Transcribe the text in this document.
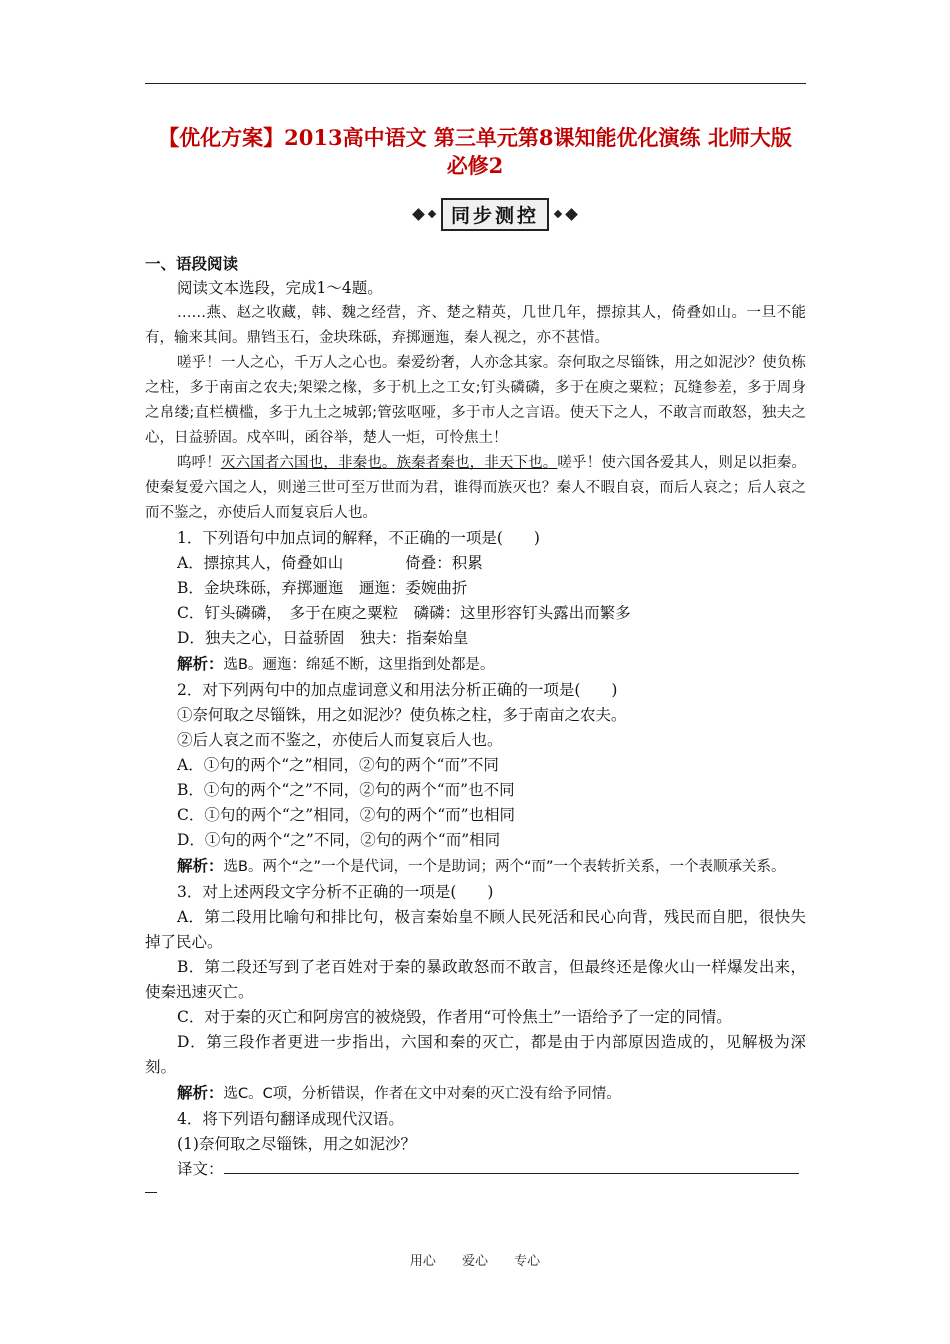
【优化方案】2013高中语文 第三单元第8课知能优化演练 北师大版
必修2
同步测控

一、语段阅读

阅读文本选段，完成1～4题。

……燕、赵之收藏，韩、魏之经营，齐、楚之精英，几世几年，摽掠其人，倚叠如山。一旦不能有，输来其间。鼎铛玉石，金块珠砾，弃掷逦迤，秦人视之，亦不甚惜。

嗟乎！一人之心，千万人之心也。秦爱纷奢，人亦念其家。奈何取之尽锱铢，用之如泥沙？使负栋之柱，多于南亩之农夫;架梁之椽，多于机上之工女;钉头磷磷，多于在庾之粟粒；瓦缝参差，多于周身之帛缕;直栏横槛，多于九土之城郭;管弦呕哑，多于市人之言语。使天下之人，不敢言而敢怒，独夫之心，日益骄固。戍卒叫，函谷举，楚人一炬，可怜焦土！

呜呼！灭六国者六国也，非秦也。族秦者秦也，非天下也。嗟乎！使六国各爱其人，则足以拒秦。使秦复爱六国之人，则递三世可至万世而为君，谁得而族灭也？秦人不暇自哀，而后人哀之；后人哀之而不鉴之，亦使后人而复哀后人也。

1．下列语句中加点词的解释，不正确的一项是(　　)

A．摽掠其人，倚叠如山　　　　倚叠：积累

B．金块珠砾，弃掷逦迤　逦迤：委婉曲折

C．钉头磷磷，　多于在庾之粟粒　磷磷：这里形容钉头露出而繁多

D．独夫之心，日益骄固　独夫：指秦始皇

解析：选B。逦迤：绵延不断，这里指到处都是。

2．对下列两句中的加点虚词意义和用法分析正确的一项是(　　)

①奈何取之尽锱铢，用之如泥沙？使负栋之柱，多于南亩之农夫。

②后人哀之而不鉴之，亦使后人而复哀后人也。

A．①句的两个“之”相同，②句的两个“而”不同

B．①句的两个“之”不同，②句的两个“而”也不同

C．①句的两个“之”相同，②句的两个“而”也相同

D．①句的两个“之”不同，②句的两个“而”相同

解析：选B。两个“之”一个是代词，一个是助词；两个“而”一个表转折关系，一个表顺承关系。

3．对上述两段文字分析不正确的一项是(　　)

A．第二段用比喻句和排比句，极言秦始皇不顾人民死活和民心向背，残民而自肥，很快失掉了民心。

B．第二段还写到了老百姓对于秦的暴政敢怒而不敢言，但最终还是像火山一样爆发出来，使秦迅速灭亡。

C．对于秦的灭亡和阿房宫的被烧毁，作者用“可怜焦土”一语给予了一定的同情。

D．第三段作者更进一步指出，六国和秦的灭亡，都是由于内部原因造成的，见解极为深刻。

解析：选C。C项，分析错误，作者在文中对秦的灭亡没有给予同情。

4．将下列语句翻译成现代汉语。

(1)奈何取之尽锱铢，用之如泥沙？

译文：

用心 爱心 专心
